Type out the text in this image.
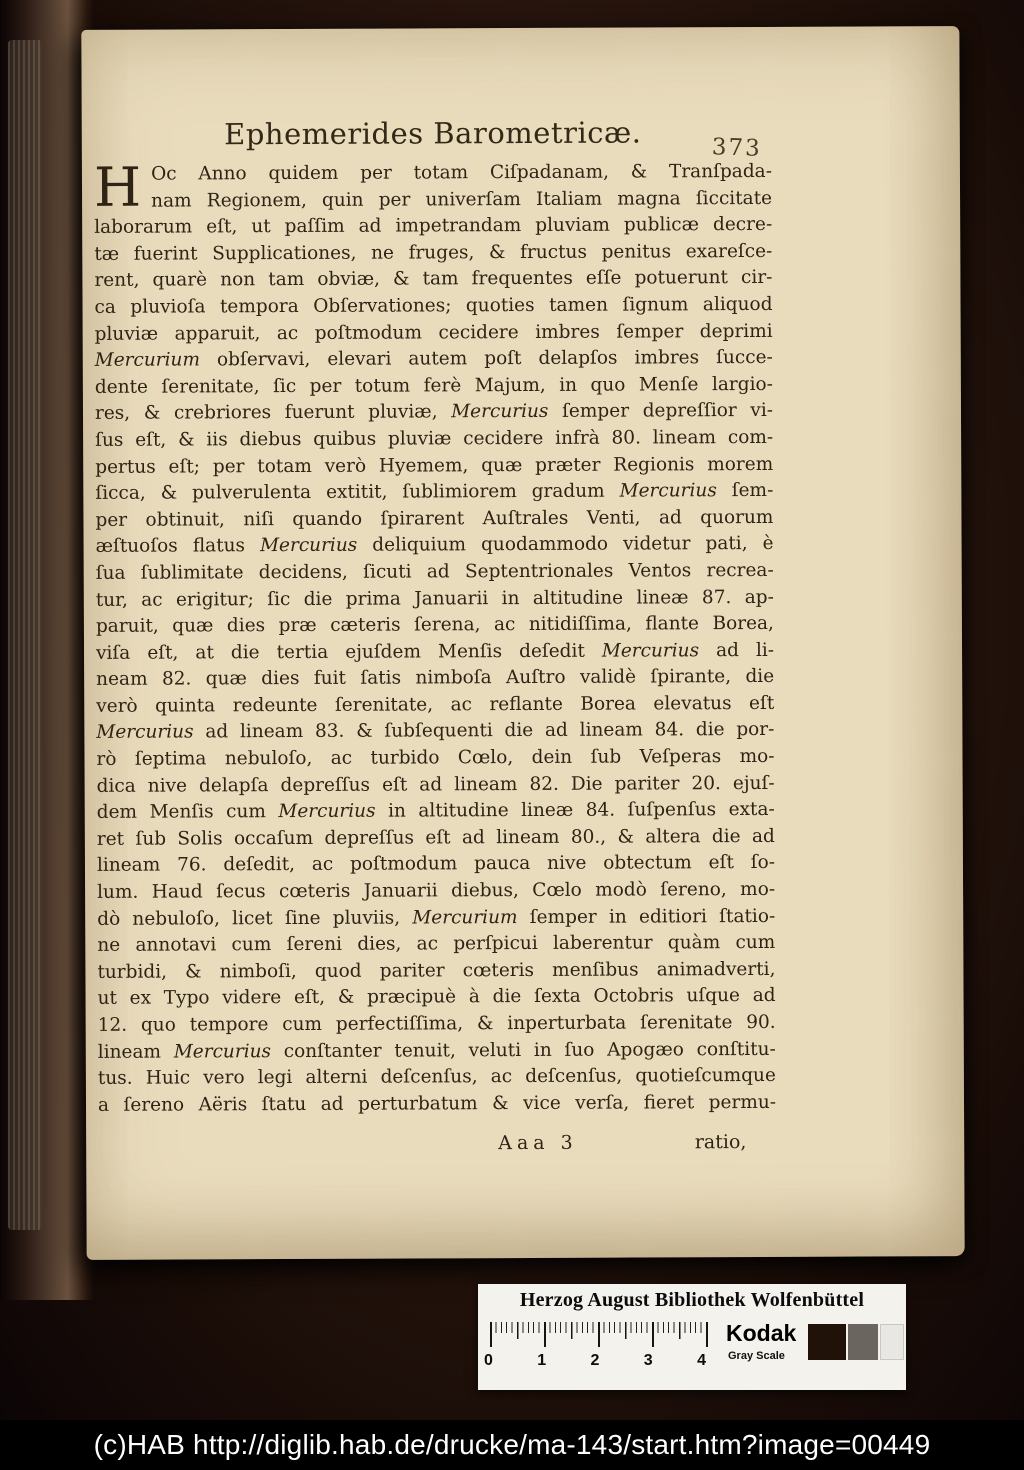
Ephemerides Barometricæ.	373
H Oc Anno quidem per totam Ciſpadanam, & Tranſpada-
nam Regionem, quin per univerſam Italiam magna ſiccitate
laborarum eſt, ut paſſim ad impetrandam pluviam publicæ decre-
tæ fuerint Supplicationes, ne fruges, & fructus penitus exareſce-
rent, quarè non tam obviæ, & tam frequentes eſſe potuerunt cir-
ca pluvioſa tempora Obſervationes; quoties tamen ſignum aliquod
pluviæ apparuit, ac poſtmodum cecidere imbres ſemper deprimi
Mercurium obſervavi, elevari autem poſt delapſos imbres ſucce-
dente ſerenitate, ſic per totum ferè Majum, in quo Menſe largio-
res, & crebriores fuerunt pluviæ, Mercurius ſemper depreſſior vi-
ſus eſt, & iis diebus quibus pluviæ cecidere infrà 80. lineam com-
pertus eſt; per totam verò Hyemem, quæ præter Regionis morem
ſicca, & pulverulenta extitit, ſublimiorem gradum Mercurius ſem-
per obtinuit, niſi quando ſpirarent Auſtrales Venti, ad quorum
æſtuoſos flatus Mercurius deliquium quodammodo videtur pati, è
ſua ſublimitate decidens, ſicuti ad Septentrionales Ventos recrea-
tur, ac erigitur; ſic die prima Januarii in altitudine lineæ 87. ap-
paruit, quæ dies præ cæteris ſerena, ac nitidiſſima, flante Borea,
viſa eſt, at die tertia ejuſdem Menſis deſedit Mercurius ad li-
neam 82. quæ dies fuit ſatis nimboſa Auſtro validè ſpirante, die
verò quinta redeunte ſerenitate, ac reflante Borea elevatus eſt
Mercurius ad lineam 83. & ſubſequenti die ad lineam 84. die por-
rò ſeptima nebuloſo, ac turbido Cœlo, dein ſub Veſperas mo-
dica nive delapſa depreſſus eſt ad lineam 82. Die pariter 20. ejuſ-
dem Menſis cum Mercurius in altitudine lineæ 84. ſuſpenſus exta-
ret ſub Solis occaſum depreſſus eſt ad lineam 80., & altera die ad
lineam 76. deſedit, ac poſtmodum pauca nive obtectum eſt ſo-
lum. Haud ſecus cœteris Januarii diebus, Cœlo modò ſereno, mo-
dò nebuloſo, licet ſine pluviis, Mercurium ſemper in editiori ſtatio-
ne annotavi cum ſereni dies, ac perſpicui laberentur quàm cum
turbidi, & nimboſi, quod pariter cœteris menſibus animadverti,
ut ex Typo videre eſt, & præcipuè à die ſexta Octobris uſque ad
12. quo tempore cum perfectiſſima, & inperturbata ſerenitate 90.
lineam Mercurius conſtanter tenuit, veluti in ſuo Apogæo conſtitu-
tus. Huic vero legi alterni deſcenſus, ac deſcenſus, quotieſcumque
a ſereno Aëris ſtatu ad perturbatum & vice verſa, fieret permu-
Aaa 3	ratio,
Herzog August Bibliothek Wolfenbüttel
0	1	2	3	4
Kodak
Gray Scale
(c)HAB http://diglib.hab.de/drucke/ma-143/start.htm?image=00449
